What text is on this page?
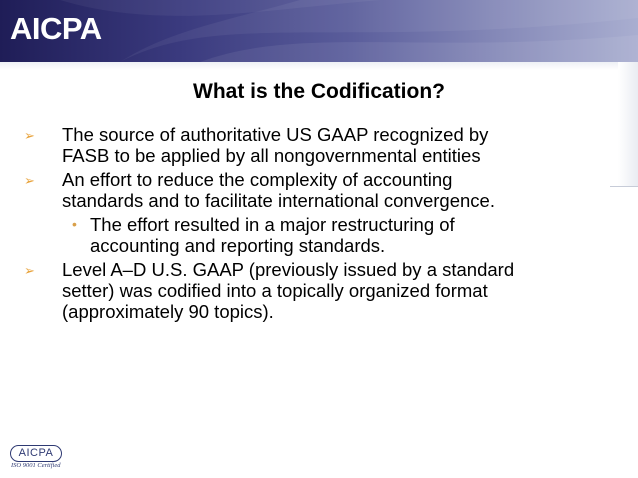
AICPA
What is the Codification?
➢ The source of authoritative US GAAP recognized by
FASB to be applied by all nongovernmental entities
➢ An effort to reduce the complexity of accounting
standards and to facilitate international convergence.
• The effort resulted in a major restructuring of
accounting and reporting standards.
➢ Level A–D U.S. GAAP (previously issued by a standard
setter) was codified into a topically organized format
(approximately 90 topics).
AICPA
ISO 9001 Certified
